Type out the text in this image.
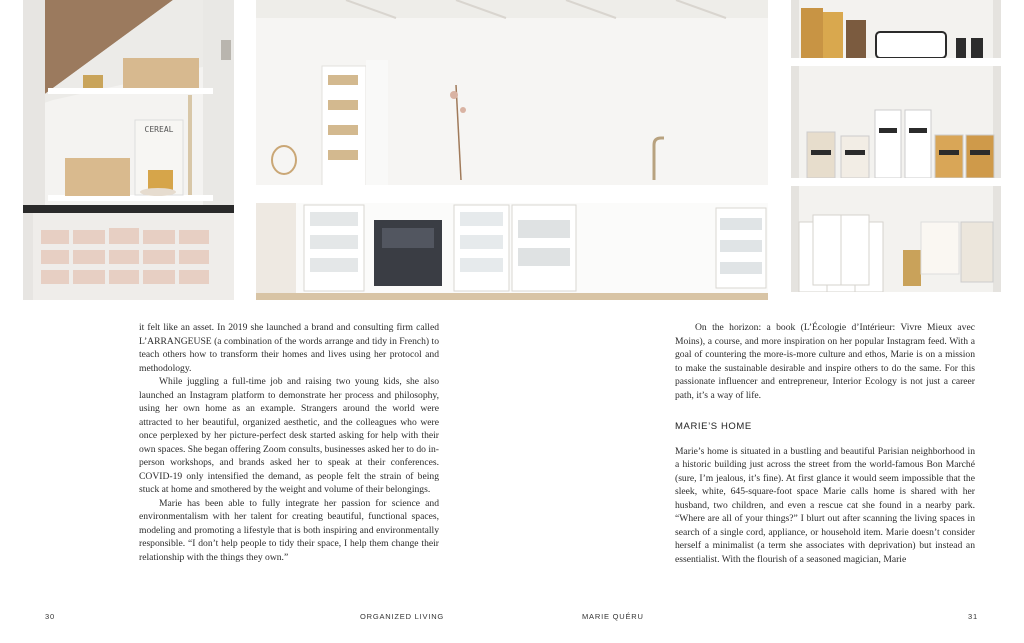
CEREAL

it felt like an asset. In 2019 she launched a brand and consulting firm called L’ARRANGEUSE (a combination of the words arrange and tidy in French) to teach others how to transform their homes and lives using her protocol and methodology.

While juggling a full-time job and raising two young kids, she also launched an Instagram platform to demonstrate her process and philosophy, using her own home as an example. Strangers around the world were attracted to her beautiful, organized aesthetic, and the colleagues who were once perplexed by her picture-perfect desk started asking for help with their own spaces. She began offering Zoom consults, businesses asked her to do in-person workshops, and brands asked her to speak at their conferences. COVID-19 only intensified the demand, as people felt the strain of being stuck at home and smothered by the weight and volume of their belongings.

Marie has been able to fully integrate her passion for science and environmentalism with her talent for creating beautiful, functional spaces, modeling and promoting a lifestyle that is both inspiring and environmentally responsible. “I don’t help people to tidy their space, I help them change their relationship with the things they own.”

On the horizon: a book (L’Écologie d’Intérieur: Vivre Mieux avec Moins), a course, and more inspiration on her popular Instagram feed. With a goal of countering the more-is-more culture and ethos, Marie is on a mission to make the sustainable desirable and inspire others to do the same. For this passionate influencer and entrepreneur, Interior Ecology is not just a career path, it’s a way of life.

MARIE’S HOME

Marie’s home is situated in a bustling and beautiful Parisian neighborhood in a historic building just across the street from the world-famous Bon Marché (sure, I’m jealous, it’s fine). At first glance it would seem impossible that the sleek, white, 645-square-foot space Marie calls home is shared with her husband, two children, and even a rescue cat she found in a nearby park. “Where are all of your things?” I blurt out after scanning the living spaces in search of a single cord, appliance, or household item. Marie doesn’t consider herself a minimalist (a term she associates with deprivation) but instead an essentialist. With the flourish of a seasoned magician, Marie

30	ORGANIZED LIVING	MARIE QUÉRU	31
